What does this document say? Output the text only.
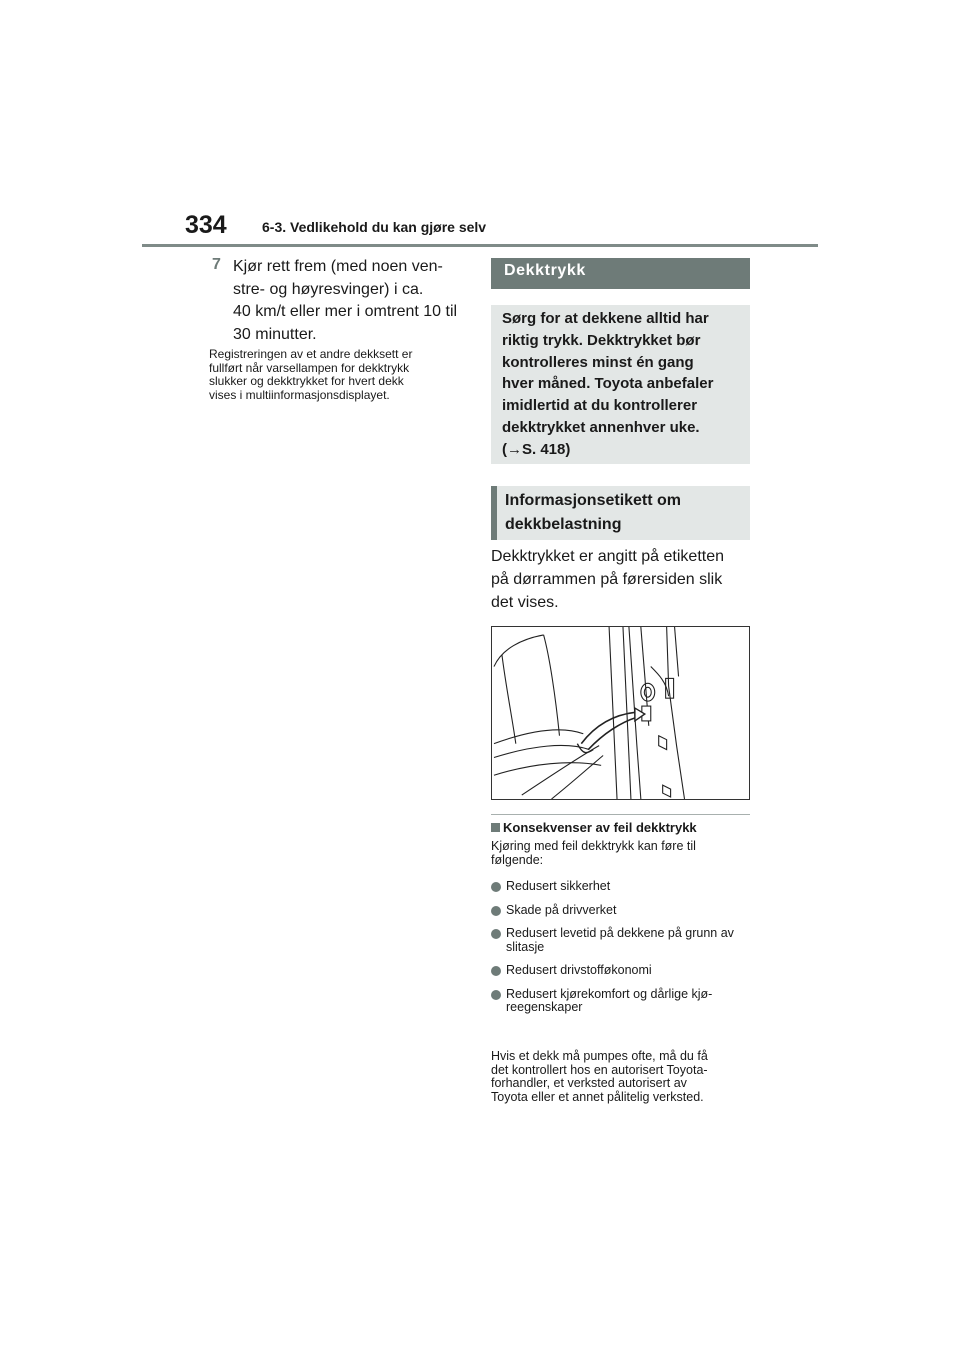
334	6-3. Vedlikehold du kan gjøre selv
7 Kjør rett frem (med noen ven-
stre- og høyresvinger) i ca.
40 km/t eller mer i omtrent 10 til
30 minutter.
Registreringen av et andre dekksett er
fullført når varsellampen for dekktrykk
slukker og dekktrykket for hvert dekk
vises i multiinformasjonsdisplayet.
Dekktrykk
Sørg for at dekkene alltid har
riktig trykk. Dekktrykket bør
kontrolleres minst én gang
hver måned. Toyota anbefaler
imidlertid at du kontrollerer
dekktrykket annenhver uke.
(→S. 418)
Informasjonsetikett om
dekkbelastning
Dekktrykket er angitt på etiketten
på dørrammen på førersiden slik
det vises.
Konsekvenser av feil dekktrykk
Kjøring med feil dekktrykk kan føre til
følgende:
Redusert sikkerhet
Skade på drivverket
Redusert levetid på dekkene på grunn av slitasje
Redusert drivstofføkonomi
Redusert kjørekomfort og dårlige kjø-reegenskaper
Hvis et dekk må pumpes ofte, må du få
det kontrollert hos en autorisert Toyota-
forhandler, et verksted autorisert av
Toyota eller et annet pålitelig verksted.
